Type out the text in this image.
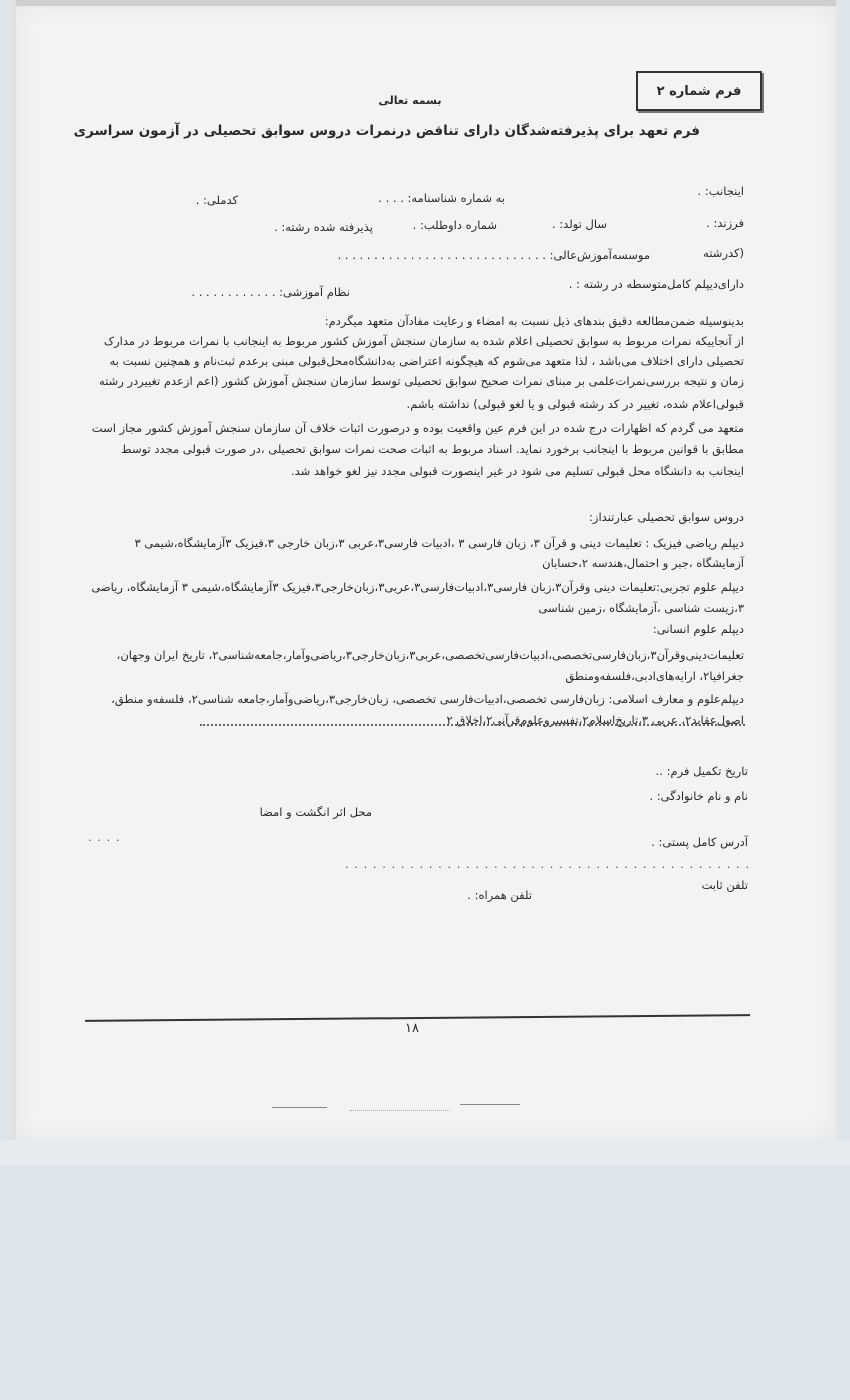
فرم شماره ۲
بسمه تعالی
فرم تعهد برای پذیرفته‌شدگان دارای تناقض درنمرات دروس سوابق تحصیلی در آزمون سراسری
اینجانب: .
به شماره شناسنامه: . . . .
کدملی: .
فرزند: .
سال تولد: .
شماره داوطلب: .
پذیرفته شده رشته: .
(کدرشته
موسسه‌آموزش‌عالی: . . . . . . . . . . . . . . . . . . . . . . . . . . . . .
دارای‌دیپلم کامل‌متوسطه در رشته : .
نظام آموزشی: . . . . . . . . . . . .
بدینوسیله ضمن‌مطالعه دقیق بندهای ذیل نسبت به امضاء و رعایت مفادآن متعهد میگردم:
از آنجاییکه نمرات مربوط به سوابق تحصیلی اعلام شده به سازمان سنجش آموزش کشور مربوط به اینجانب با نمرات مربوط در مدارک
تحصیلی دارای اختلاف می‌باشد ، لذا متعهد می‌شوم که هیچگونه اعتراضی به‌دانشگاه‌محل‌قبولی مبنی برعدم ثبت‌نام و همچنین نسبت به
زمان و نتیجه بررسی‌نمرات‌علمی بر مبنای نمرات صحیح سوابق تحصیلی توسط سازمان سنجش آموزش کشور (اعم ازعدم تغییردر رشته
قبولی‌اعلام شده، تغییر در کد رشته قبولی و یا لغو قبولی) نداشته باشم.
متعهد می گردم که اظهارات درج شده در این فرم عین واقعیت بوده و درصورت اثبات خلاف آن سازمان سنجش آموزش کشور مجاز است
مطابق با قوانین مربوط با اینجانب برخورد نماید. اسناد مربوط به اثبات صحت نمرات سوابق تحصیلی ،در صورت قبولی مجدد توسط
اینجانب به دانشگاه محل قبولی تسلیم می شود در غیر اینصورت قبولی مجدد نیز لغو خواهد شد.
دروس سوابق تحصیلی عبارتنداز:
دیپلم ریاضی فیزیک : تعلیمات دینی و قرآن ۳، زبان فارسی ۳ ،ادبیات فارسی۳،عربی ۳،زبان خارجی ۳،فیزیک ۳آزمایشگاه،شیمی ۳
آزمایشگاه ،جبر و احتمال،هندسه ۲،حسابان
دیپلم علوم تجربی:تعلیمات دینی وقرآن۳،زبان فارسی۳،ادبیات‌فارسی۳،عربی۳،زبان‌خارجی۳،فیزیک ۳آزمایشگاه،شیمی ۳ آزمایشگاه، ریاضی
۳،زیست شناسی ،آزمایشگاه ،زمین شناسی
دیپلم علوم انسانی:
تعلیمات‌دینی‌وقرآن۳،زبان‌فارسی‌تخصصی،ادبیات‌فارسی‌تخصصی،عربی۳،زبان‌خارجی۳،ریاضی‌وآمار،جامعه‌شناسی۲، تاریخ ایران وجهان،
جغرافیا۲، ارایه‌های‌ادبی،فلسفه‌ومنطق
دیپلم‌علوم و معارف اسلامی: زبان‌فارسی تخصصی،ادبیات‌فارسی تخصصی، زبان‌خارجی۳،ریاضی‌وآمار،جامعه شناسی۲، فلسفه‌و منطق،
اصول‌عقاید۲، عربی ۳،تاریخ‌اسلام۲،تفسیروعلوم‌قرآنی۲،اخلاق ۲
تاریخ تکمیل فرم: ..
نام و نام خانوادگی: .
محل اثر انگشت و امضا
آدرس کامل پستی: .
. . . .
. . . . . . . . . . . . . . . . . . . . . . . . . . . . . . . . . . . . . . . . . . . .
تلفن ثابت
تلفن همراه: .
۱۸
